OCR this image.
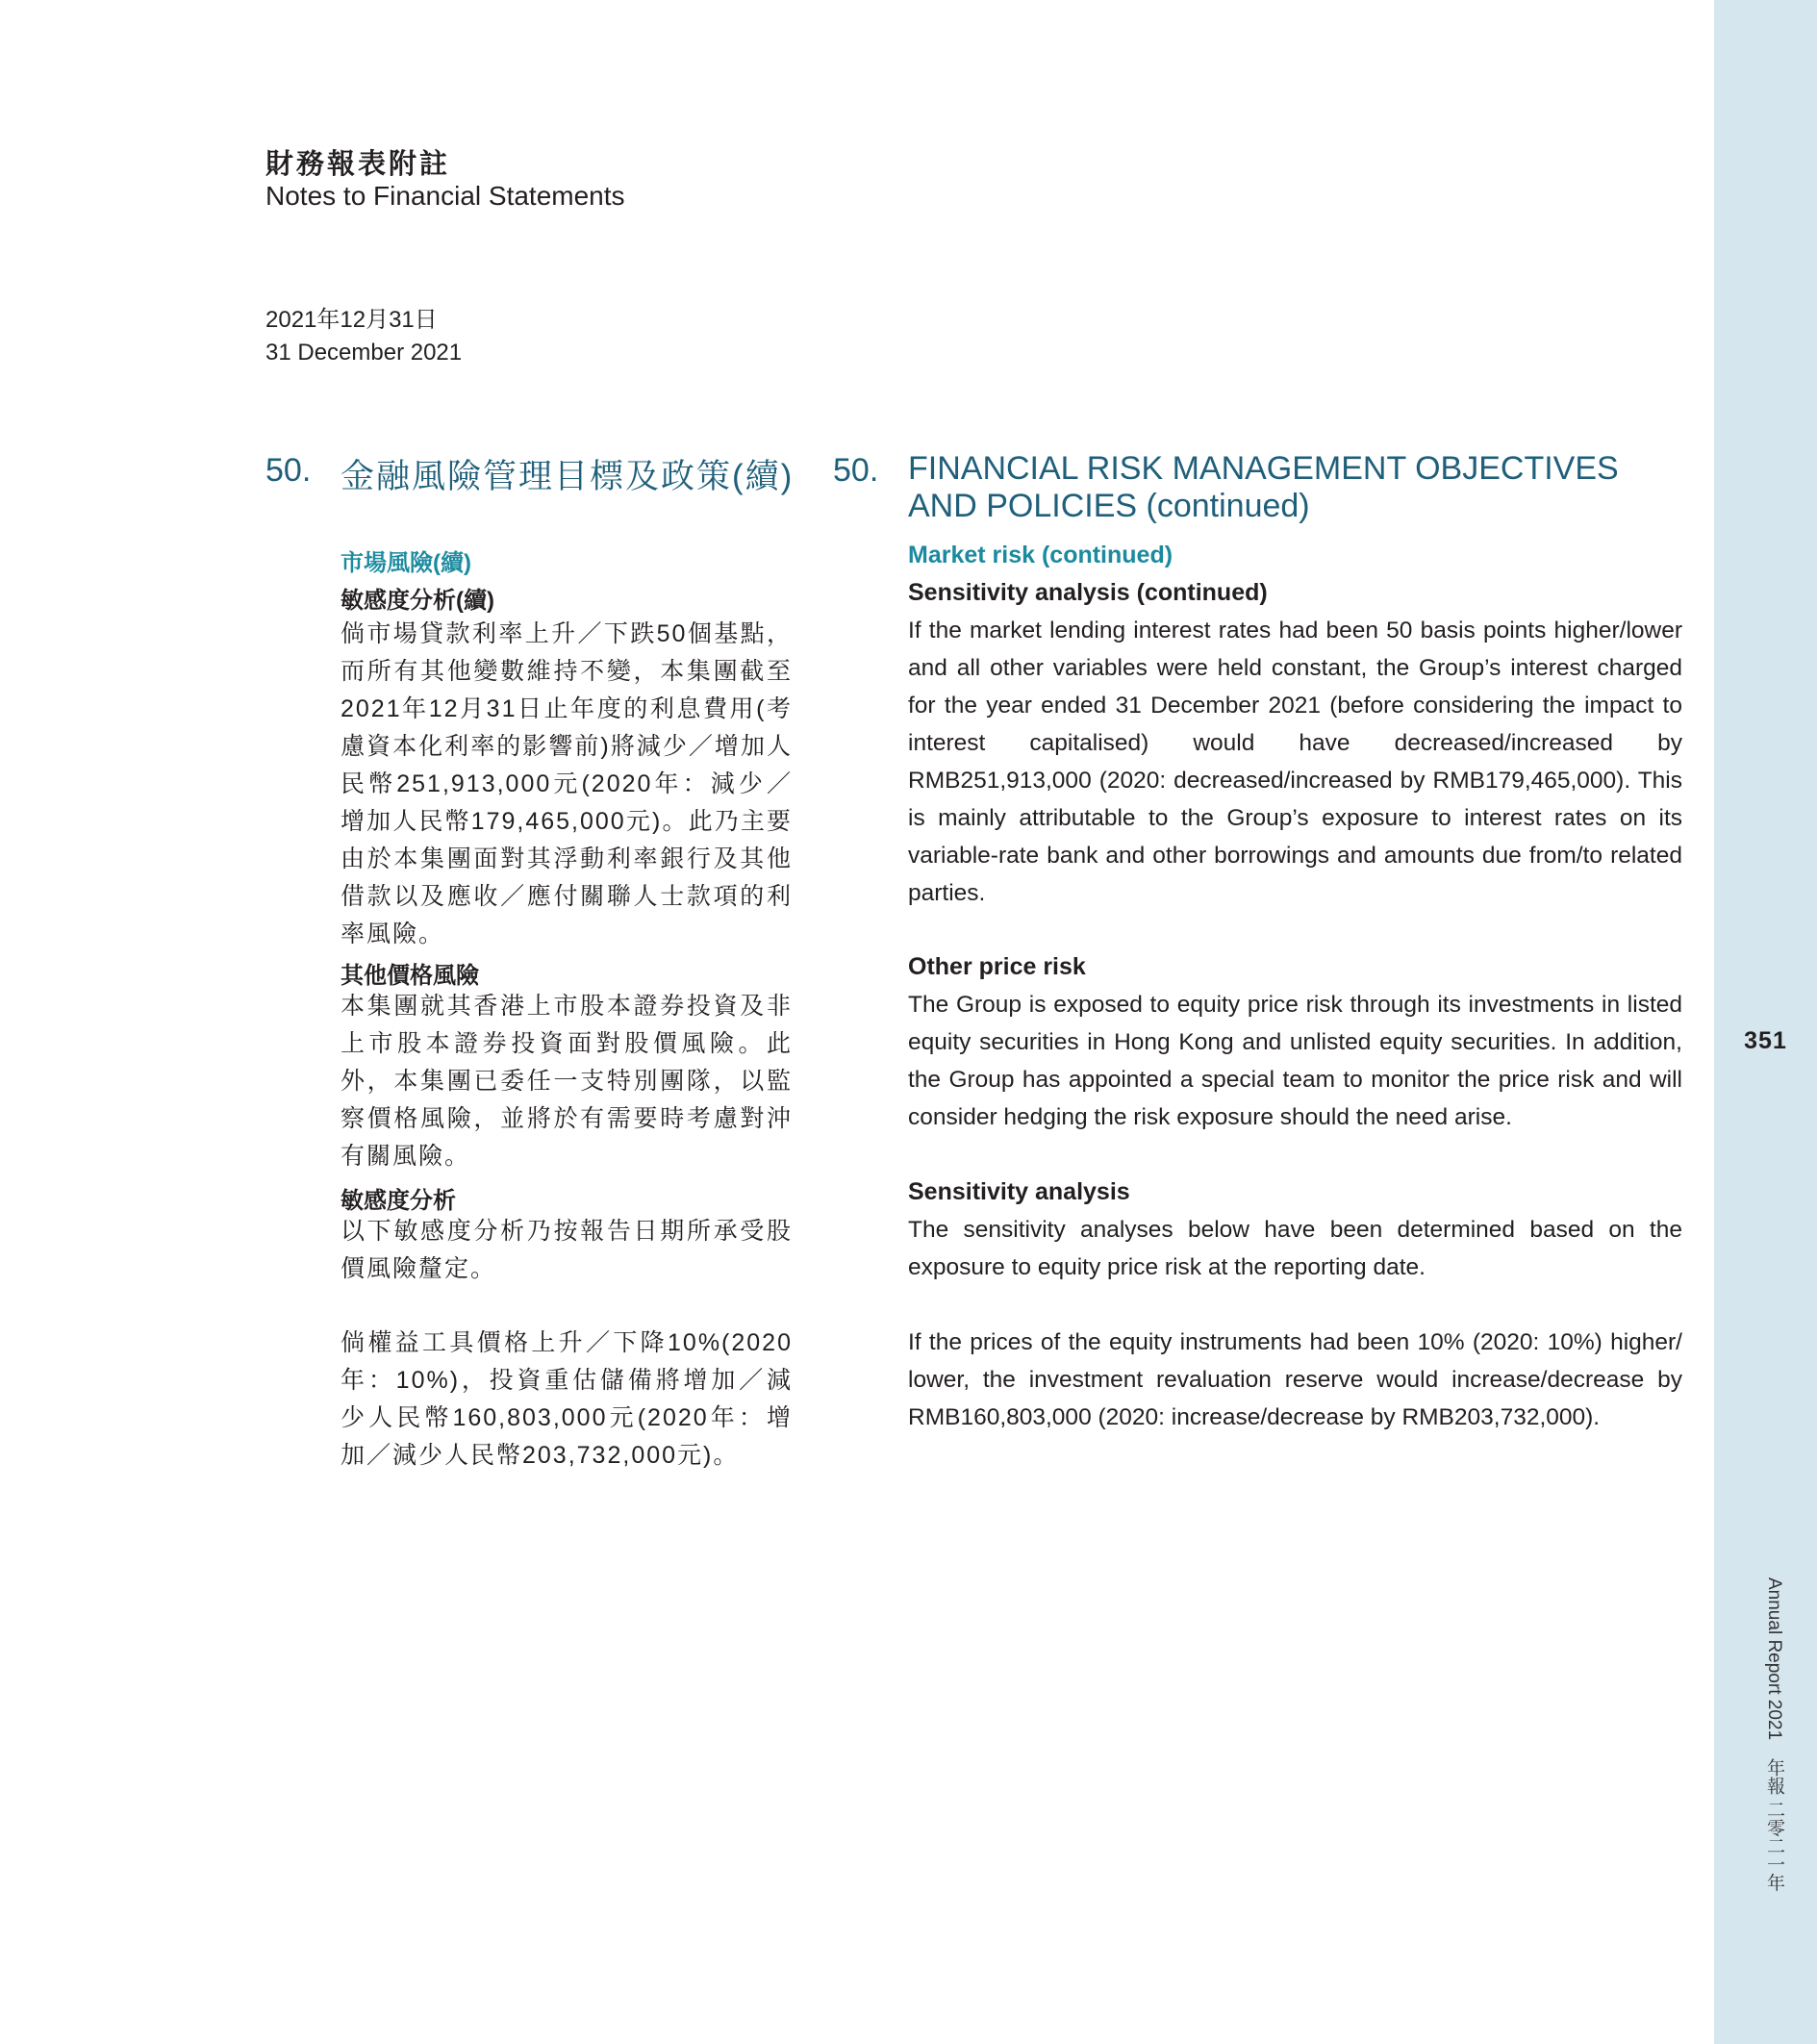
351
Annual Report 2021　年報 二零二一年
財務報表附註
Notes to Financial Statements
2021年12月31日
31 December 2021
50. 金融風險管理目標及政策(續) 50. FINANCIAL RISK MANAGEMENT OBJECTIVES AND POLICIES (continued)
市場風險(續)
敏感度分析(續)
倘市場貸款利率上升／下跌50個基點，而所有其他變數維持不變，本集團截至2021年12月31日止年度的利息費用(考慮資本化利率的影響前)將減少／增加人民幣251,913,000元(2020年：減少／增加人民幣179,465,000元)。此乃主要由於本集團面對其浮動利率銀行及其他借款以及應收／應付關聯人士款項的利率風險。
其他價格風險
本集團就其香港上市股本證券投資及非上市股本證券投資面對股價風險。此外，本集團已委任一支特別團隊，以監察價格風險，並將於有需要時考慮對沖有關風險。
敏感度分析
以下敏感度分析乃按報告日期所承受股價風險釐定。
倘權益工具價格上升／下降10%(2020年：10%)，投資重估儲備將增加／減少人民幣160,803,000元(2020年：增加／減少人民幣203,732,000元)。
Market risk (continued)
Sensitivity analysis (continued)
If the market lending interest rates had been 50 basis points higher/lower and all other variables were held constant, the Group’s interest charged for the year ended 31 December 2021 (before considering the impact to interest capitalised) would have decreased/increased by RMB251,913,000 (2020: decreased/increased by RMB179,465,000). This is mainly attributable to the Group’s exposure to interest rates on its variable-rate bank and other borrowings and amounts due from/to related parties.
Other price risk
The Group is exposed to equity price risk through its investments in listed equity securities in Hong Kong and unlisted equity securities. In addition, the Group has appointed a special team to monitor the price risk and will consider hedging the risk exposure should the need arise.
Sensitivity analysis
The sensitivity analyses below have been determined based on the exposure to equity price risk at the reporting date.
If the prices of the equity instruments had been 10% (2020: 10%) higher/ lower, the investment revaluation reserve would increase/decrease by RMB160,803,000 (2020: increase/decrease by RMB203,732,000).
